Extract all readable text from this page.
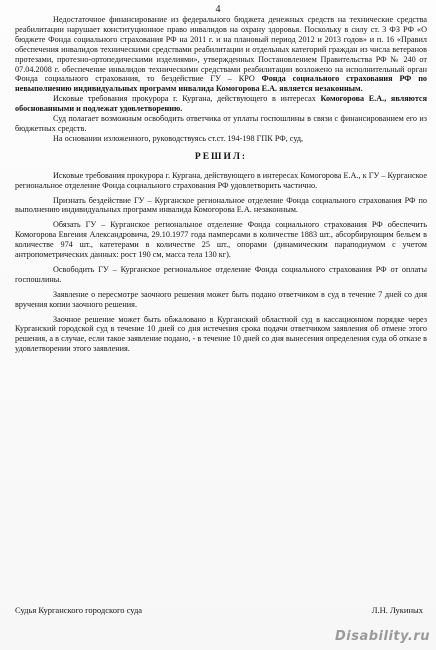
4

Недостаточное финансирование из федерального бюджета денежных средств на технические средства реабилитации нарушает конституционное право инвалидов на охрану здоровья. Поскольку в силу ст. 3 ФЗ РФ «О бюджете Фонда социального страхования РФ на 2011 г. и на плановый период 2012 и 2013 годов» и п. 16 «Правил обеспечения инвалидов техническими средствами реабилитации и отдельных категорий граждан из числа ветеранов протезами, протезно-ортопедическими изделиями», утвержденных Постановлением Правительства РФ № 240 от 07.04.2008 г. обеспечение инвалидов техническими средствами реабилитации возложено на исполнительный орган Фонда социального страхования, то бездействие ГУ – КРО Фонда социального страхования РФ по невыполнению индивидуальных программ инвалида Комогорова Е.А. является незаконным.

Исковые требования прокурора г. Кургана, действующего в интересах Комогорова Е.А., являются обоснованными и подлежат удовлетворению.

Суд полагает возможным освободить ответчика от уплаты госпошлины в связи с финансированием его из бюджетных средств.

На основании изложенного, руководствуясь ст.ст. 194-198 ГПК РФ, суд,

РЕШИЛ:

Исковые требования прокурора г. Кургана, действующего в интересах Комогорова Е.А., к ГУ – Курганское региональное отделение Фонда социального страхования РФ удовлетворить частично.

Признать бездействие ГУ – Курганское региональное отделение Фонда социального страхования РФ по выполнению индивидуальных программ инвалида Комогорова Е.А. незаконным.

Обязать ГУ – Курганское региональное отделение Фонда социального страхования РФ обеспечить Комогорова Евгения Александровича, 29.10.1977 года памперсами в количестве 1883 шт., абсорбирующим бельем в количестве 974 шт., катетерами в количестве 25 шт., опорами (динамическим параподиумом с учетом антропометрических данных: рост 190 см, масса тела 130 кг).

Освободить ГУ – Курганское региональное отделение Фонда социального страхования РФ от оплаты госпошлины.

Заявление о пересмотре заочного решения может быть подано ответчиком в суд в течение 7 дней со дня вручения копии заочного решения.

Заочное решение может быть обжаловано в Курганский областной суд в кассационном порядке через Курганский городской суд в течение 10 дней со дня истечения срока подачи ответчиком заявления об отмене этого решения, а в случае, если такое заявление подано, - в течение 10 дней со дня вынесения определения суда об отказе в удовлетворении этого заявления.

Судья Курганского городского суда	Л.Н. Лукиных
Disability.ru
